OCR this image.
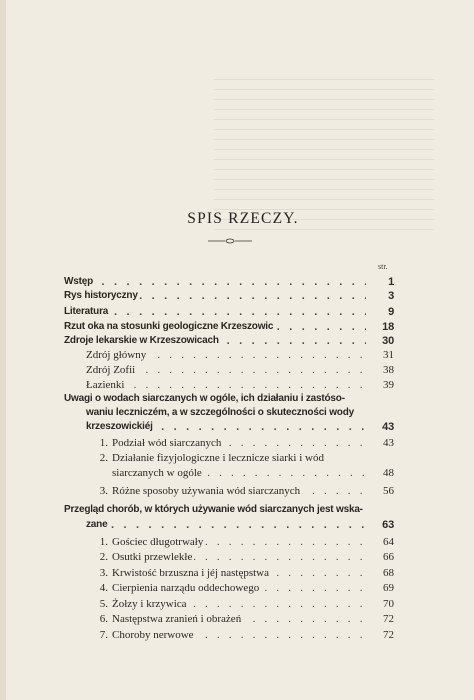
SPIS RZECZY.
str.
. . .
Wstęp	1
. . .
Rys historyczny	3
. . .
Literatura	9
. . .
Rzut oka na stosunki geologiczne Krzeszowic	18
. . .
Zdroje lekarskie w Krzeszowicach	30
. . .
Zdrój główny	31
. . .
Zdrój Zofii	38
. . .
Łazienki	39
Uwagi o wodach siarczanych w ogóle, ich działaniu i zastóso-
waniu leczniczém, a w szczególności o skuteczności wody
. . .
krzeszowickiéj	43
. . .
1. Podział wód siarczanych	43
2. Działanie fizyjologiczne i lecznicze siarki i wód
. . .
siarczanych w ogóle	48
. . .
3. Różne sposoby używania wód siarczanych	56
Przegląd chorób, w których używanie wód siarczanych jest wska-
. . .
zane	63
. . .
1. Gościec długotrwały	64
. . .
2. Osutki przewlekłe	66
. . .
3. Krwistość brzuszna i jéj następstwa	68
. . .
4. Cierpienia narządu oddechowego	69
. . .
5. Żołzy i krzywica	70
. . .
6. Następstwa zranień i obrażeń	72
. . .
7. Choroby nerwowe	72
